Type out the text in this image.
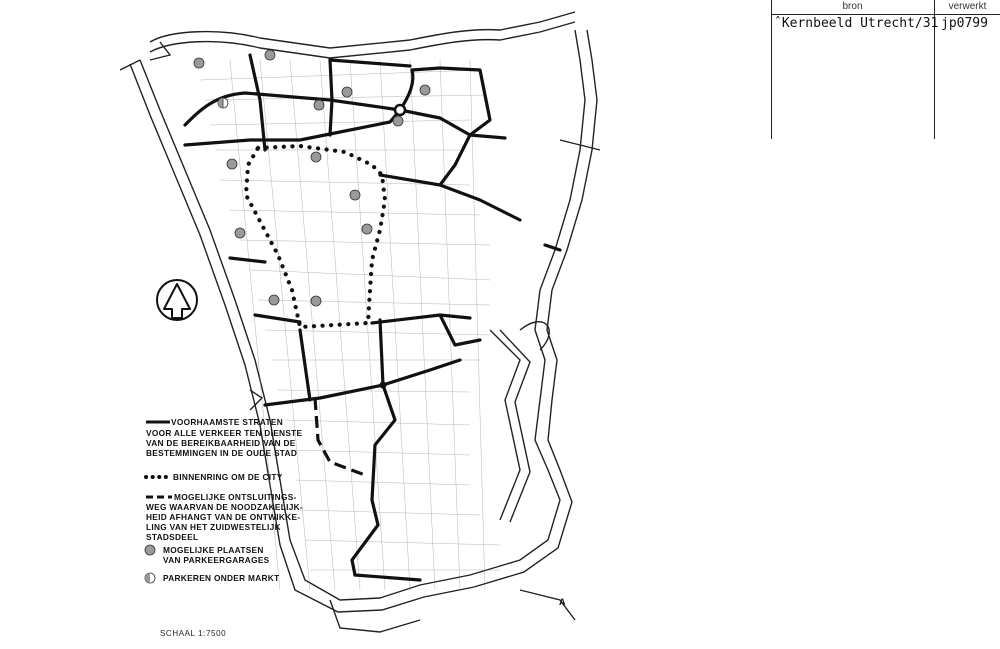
bron	verwerkt
ˆKernbeeld Utrecht/31 jp0799
VOORHAAMSTE STRATEN
VOOR ALLE VERKEER TEN DIENSTE
VAN DE BEREIKBAARHEID VAN DE
BESTEMMINGEN IN DE OUDE STAD
BINNENRING OM DE CITY
MOGELIJKE ONTSLUITINGS-
WEG WAARVAN DE NOODZAKELIJK-
HEID AFHANGT VAN DE ONTWIKKE-
LING VAN HET ZUIDWESTELIJK
STADSDEEL
MOGELIJKE PLAATSEN
VAN PARKEERGARAGES
PARKEREN ONDER MARKT
SCHAAL 1:7500
A
